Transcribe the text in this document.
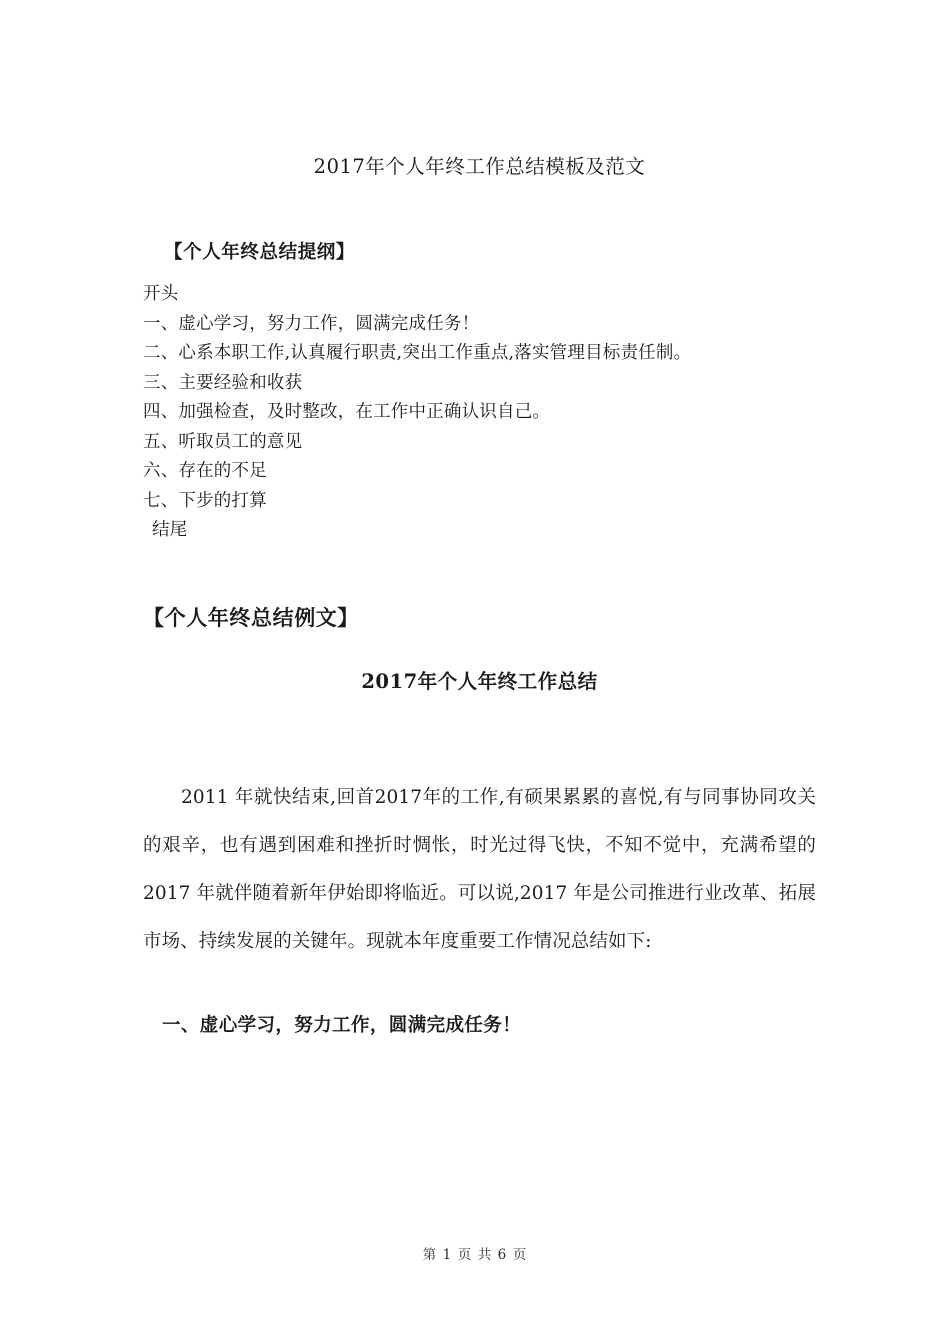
2017年个人年终工作总结模板及范文
【个人年终总结提纲】
开头
一、虚心学习，努力工作，圆满完成任务！
二、心系本职工作,认真履行职责,突出工作重点,落实管理目标责任制。
三、主要经验和收获
四、加强检查，及时整改，在工作中正确认识自己。
五、听取员工的意见
六、存在的不足
七、下步的打算
结尾
【个人年终总结例文】
2017年个人年终工作总结

2011 年就快结束,回首2017年的工作,有硕果累累的喜悦,有与同事协同攻关的艰辛，也有遇到困难和挫折时惆怅，时光过得飞快，不知不觉中，充满希望的 2017 年就伴随着新年伊始即将临近。可以说,2017 年是公司推进行业改革、拓展市场、持续发展的关键年。现就本年度重要工作情况总结如下:

一、虚心学习，努力工作，圆满完成任务！
第 1 页 共 6 页
